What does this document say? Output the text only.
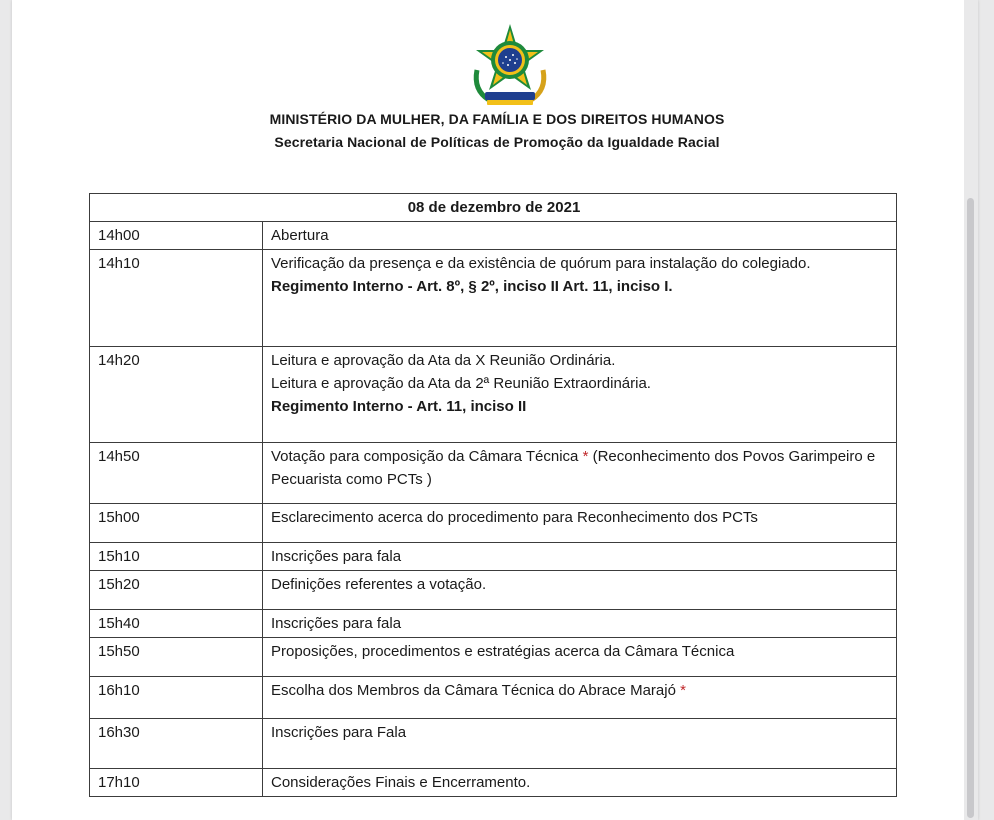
MINISTÉRIO DA MULHER, DA FAMÍLIA E DOS DIREITOS HUMANOS
Secretaria Nacional de Políticas de Promoção da Igualdade Racial
08 de dezembro de 2021	
14h00	Abertura
14h10	Verificação da presença e da existência de quórum para instalação do colegiado.
Regimento Interno - Art. 8º, § 2º, inciso II Art. 11, inciso I.

14h20	Leitura e aprovação da Ata da X Reunião Ordinária.
Leitura e aprovação da Ata da 2ª Reunião Extraordinária.
Regimento Interno - Art. 11, inciso II

14h50	Votação para composição da Câmara Técnica * (Reconhecimento dos Povos Garimpeiro e Pecuarista como PCTs )
15h00	Esclarecimento acerca do procedimento para Reconhecimento dos PCTs
15h10	Inscrições para fala
15h20	Definições referentes a votação.
15h40	Inscrições para fala
15h50	Proposições, procedimentos e estratégias acerca da Câmara Técnica
16h10	Escolha dos Membros da Câmara Técnica do Abrace Marajó *
16h30	Inscrições para Fala
17h10	Considerações Finais e Encerramento.
